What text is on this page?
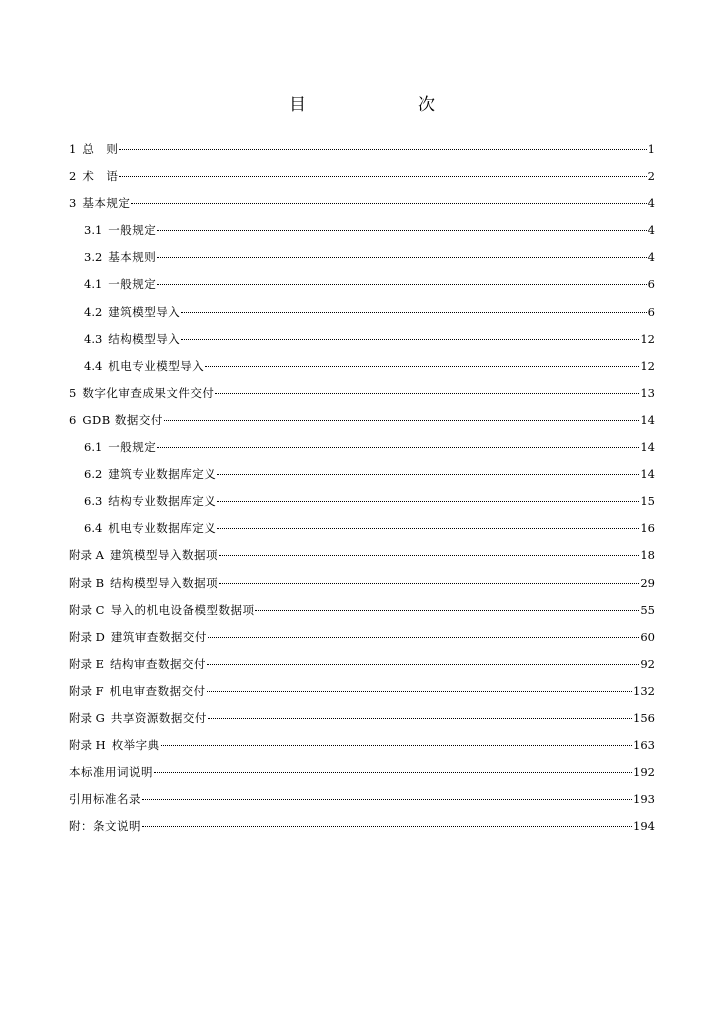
目　　次
1 总　则	1
2 术　语	2
3 基本规定	4
3.1 一般规定	4
3.2 基本规则	4
4.1 一般规定	6
4.2 建筑模型导入	6
4.3 结构模型导入	12
4.4 机电专业模型导入	12
5 数字化审查成果文件交付	13
6 GDB 数据交付	14
6.1 一般规定	14
6.2 建筑专业数据库定义	14
6.3 结构专业数据库定义	15
6.4 机电专业数据库定义	16
附录 A 建筑模型导入数据项	18
附录 B 结构模型导入数据项	29
附录 C 导入的机电设备模型数据项	55
附录 D 建筑审查数据交付	60
附录 E 结构审查数据交付	92
附录 F 机电审查数据交付	132
附录 G 共享资源数据交付	156
附录 H 枚举字典	163
本标准用词说明	192
引用标准名录	193
附：条文说明	194
